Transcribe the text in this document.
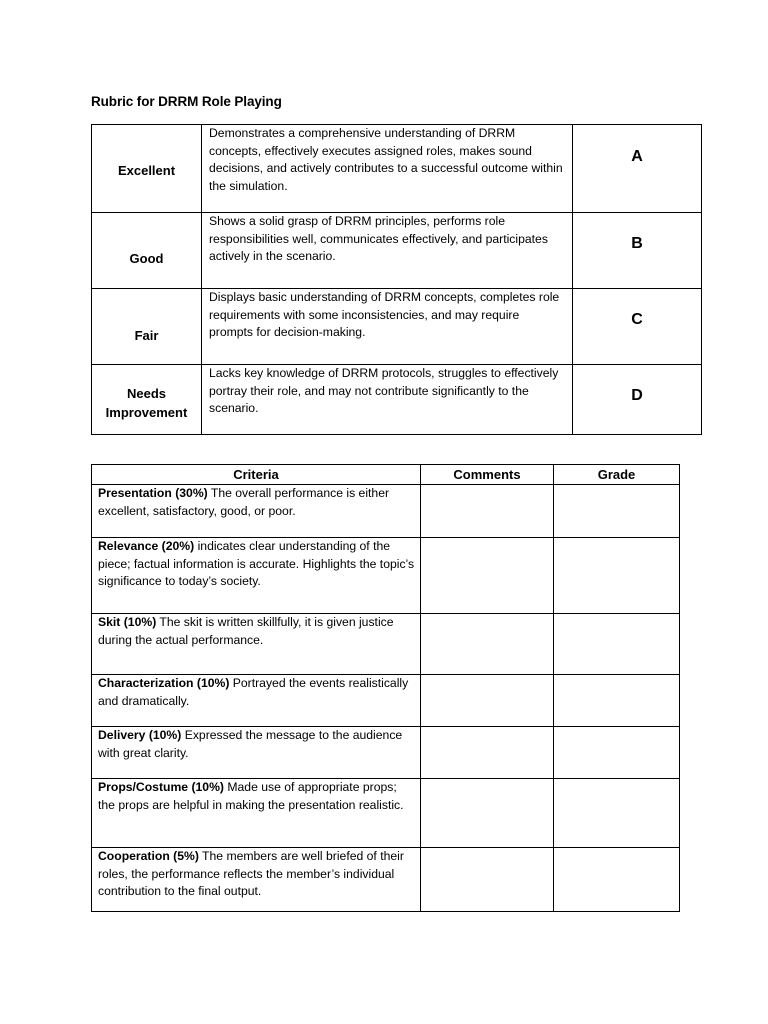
Rubric for DRRM Role Playing
Excellent	Demonstrates a comprehensive understanding of DRRM concepts, effectively executes assigned roles, makes sound decisions, and actively contributes to a successful outcome within the simulation.	A
Good	Shows a solid grasp of DRRM principles, performs role responsibilities well, communicates effectively, and participates actively in the scenario.	B
Fair	Displays basic understanding of DRRM concepts, completes role requirements with some inconsistencies, and may require prompts for decision-making.	C
Needs Improvement	Lacks key knowledge of DRRM protocols, struggles to effectively portray their role, and may not contribute significantly to the scenario.	D
Criteria	Comments	Grade
Presentation (30%) The overall performance is either excellent, satisfactory, good, or poor.		
Relevance (20%) indicates clear understanding of the piece; factual information is accurate. Highlights the topic’s significance to today’s society.		
Skit (10%) The skit is written skillfully, it is given justice during the actual performance.		
Characterization (10%) Portrayed the events realistically and dramatically.		
Delivery (10%) Expressed the message to the audience with great clarity.		
Props/Costume (10%) Made use of appropriate props; the props are helpful in making the presentation realistic.		
Cooperation (5%) The members are well briefed of their roles, the performance reflects the member’s individual contribution to the final output.		
